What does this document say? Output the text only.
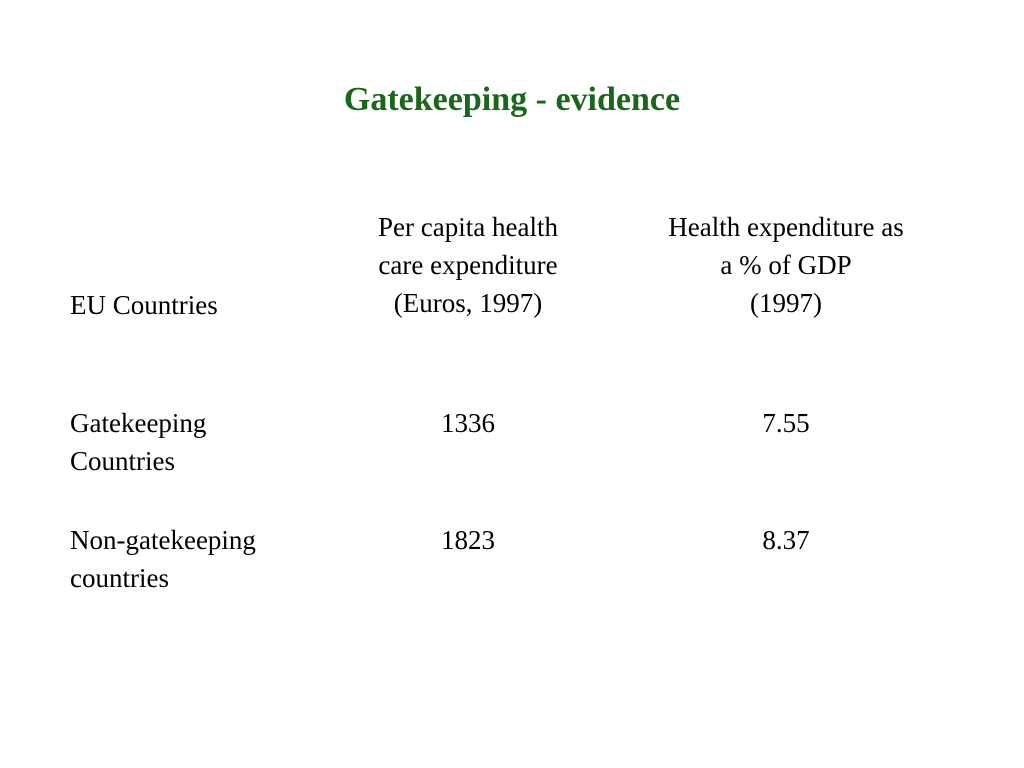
Gatekeeping - evidence
EU Countries
Per capita health
care expenditure
(Euros, 1997)
Health expenditure as
a % of GDP
(1997)
Gatekeeping
Countries
1336	7.55
Non-gatekeeping
countries
1823	8.37
